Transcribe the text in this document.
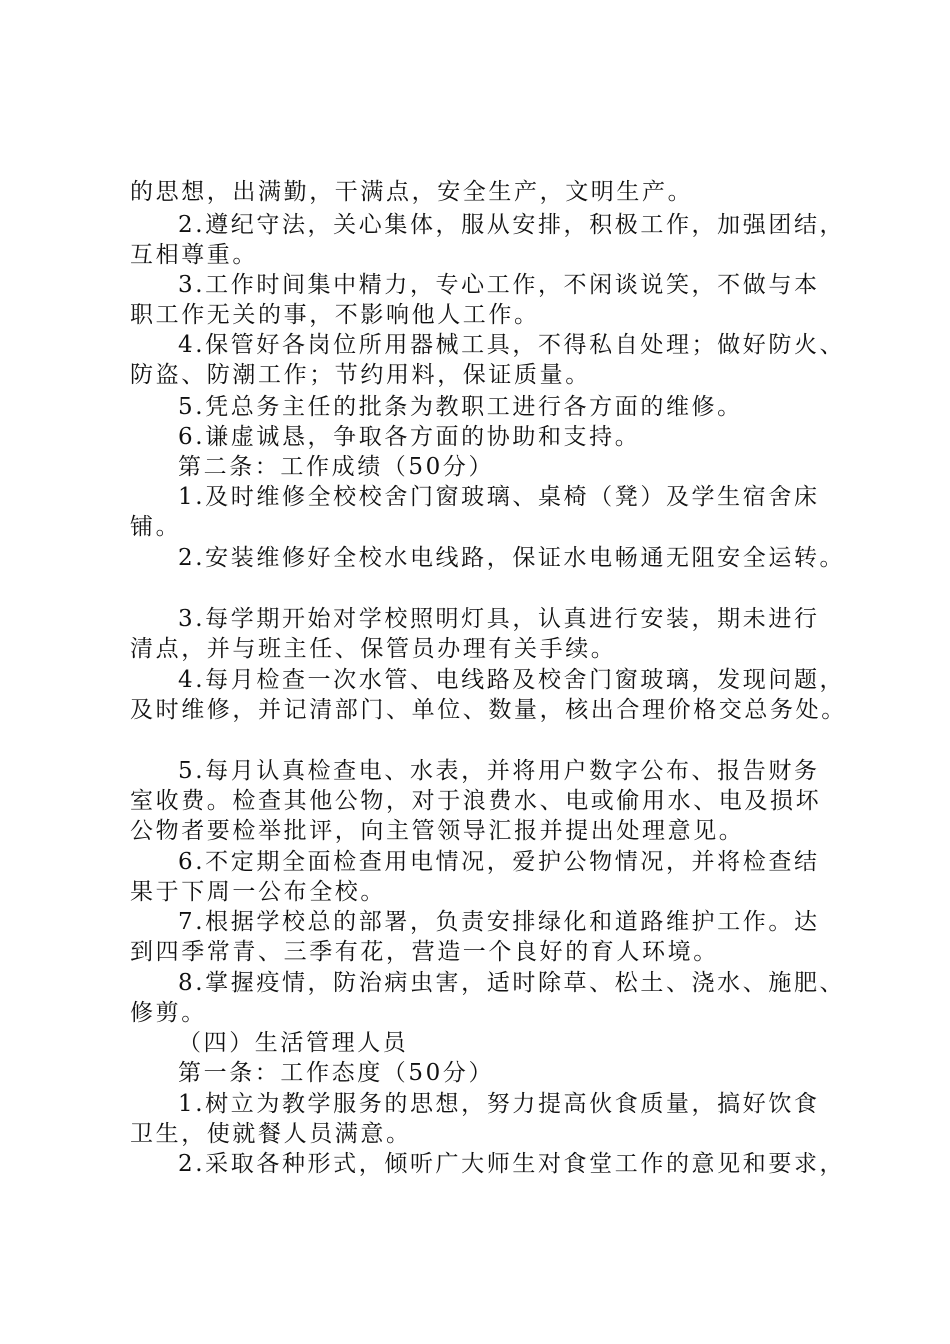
的思想，出满勤，干满点，安全生产，文明生产。
2.遵纪守法，关心集体，服从安排，积极工作，加强团结，
互相尊重。
3.工作时间集中精力，专心工作，不闲谈说笑，不做与本
职工作无关的事，不影响他人工作。
4.保管好各岗位所用器械工具，不得私自处理；做好防火、
防盗、防潮工作；节约用料，保证质量。
5.凭总务主任的批条为教职工进行各方面的维修。
6.谦虚诚恳，争取各方面的协助和支持。
第二条：工作成绩（50分）
1.及时维修全校校舍门窗玻璃、桌椅（凳）及学生宿舍床
铺。
2.安装维修好全校水电线路，保证水电畅通无阻安全运转。
3.每学期开始对学校照明灯具，认真进行安装，期未进行
清点，并与班主任、保管员办理有关手续。
4.每月检查一次水管、电线路及校舍门窗玻璃，发现问题，
及时维修，并记清部门、单位、数量，核出合理价格交总务处。
5.每月认真检查电、水表，并将用户数字公布、报告财务
室收费。检查其他公物，对于浪费水、电或偷用水、电及损坏
公物者要检举批评，向主管领导汇报并提出处理意见。
6.不定期全面检查用电情况，爱护公物情况，并将检查结
果于下周一公布全校。
7.根据学校总的部署，负责安排绿化和道路维护工作。达
到四季常青、三季有花，营造一个良好的育人环境。
8.掌握疫情，防治病虫害，适时除草、松土、浇水、施肥、
修剪。
（四）生活管理人员
第一条：工作态度（50分）
1.树立为教学服务的思想，努力提高伙食质量，搞好饮食
卫生，使就餐人员满意。
2.采取各种形式，倾听广大师生对食堂工作的意见和要求，
